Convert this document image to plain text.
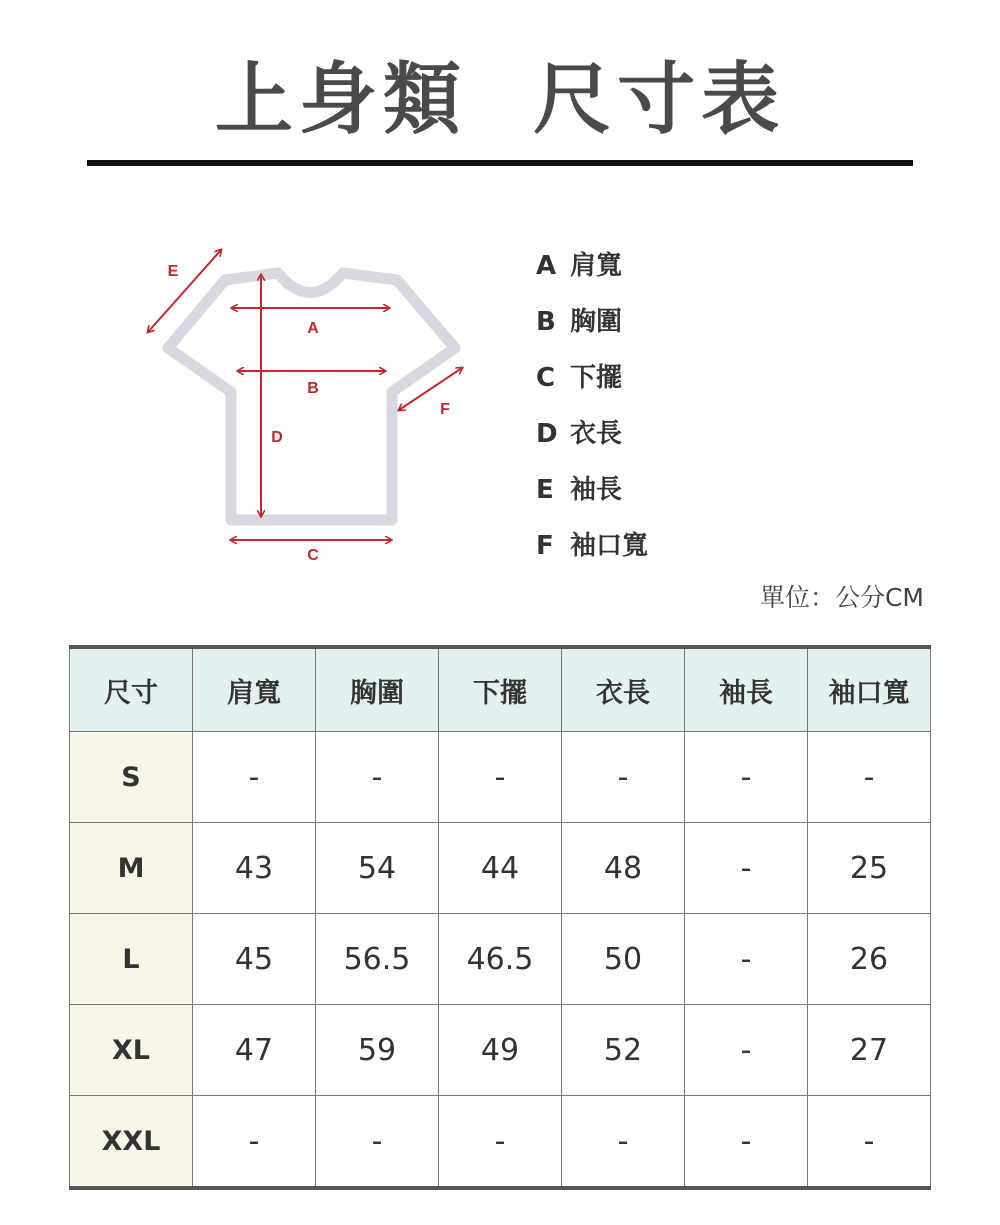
上身類  尺寸表
E
A
B
D
F
C
A 肩寬
B 胸圍
C 下擺
D 衣長
E 袖長
F 袖口寬
單位：公分CM
尺寸	肩寬	胸圍	下擺	衣長	袖長	袖口寬
S	-	-	-	-	-	-
M	43	54	44	48	-	25
L	45	56.5	46.5	50	-	26
XL	47	59	49	52	-	27
XXL	-	-	-	-	-	-
